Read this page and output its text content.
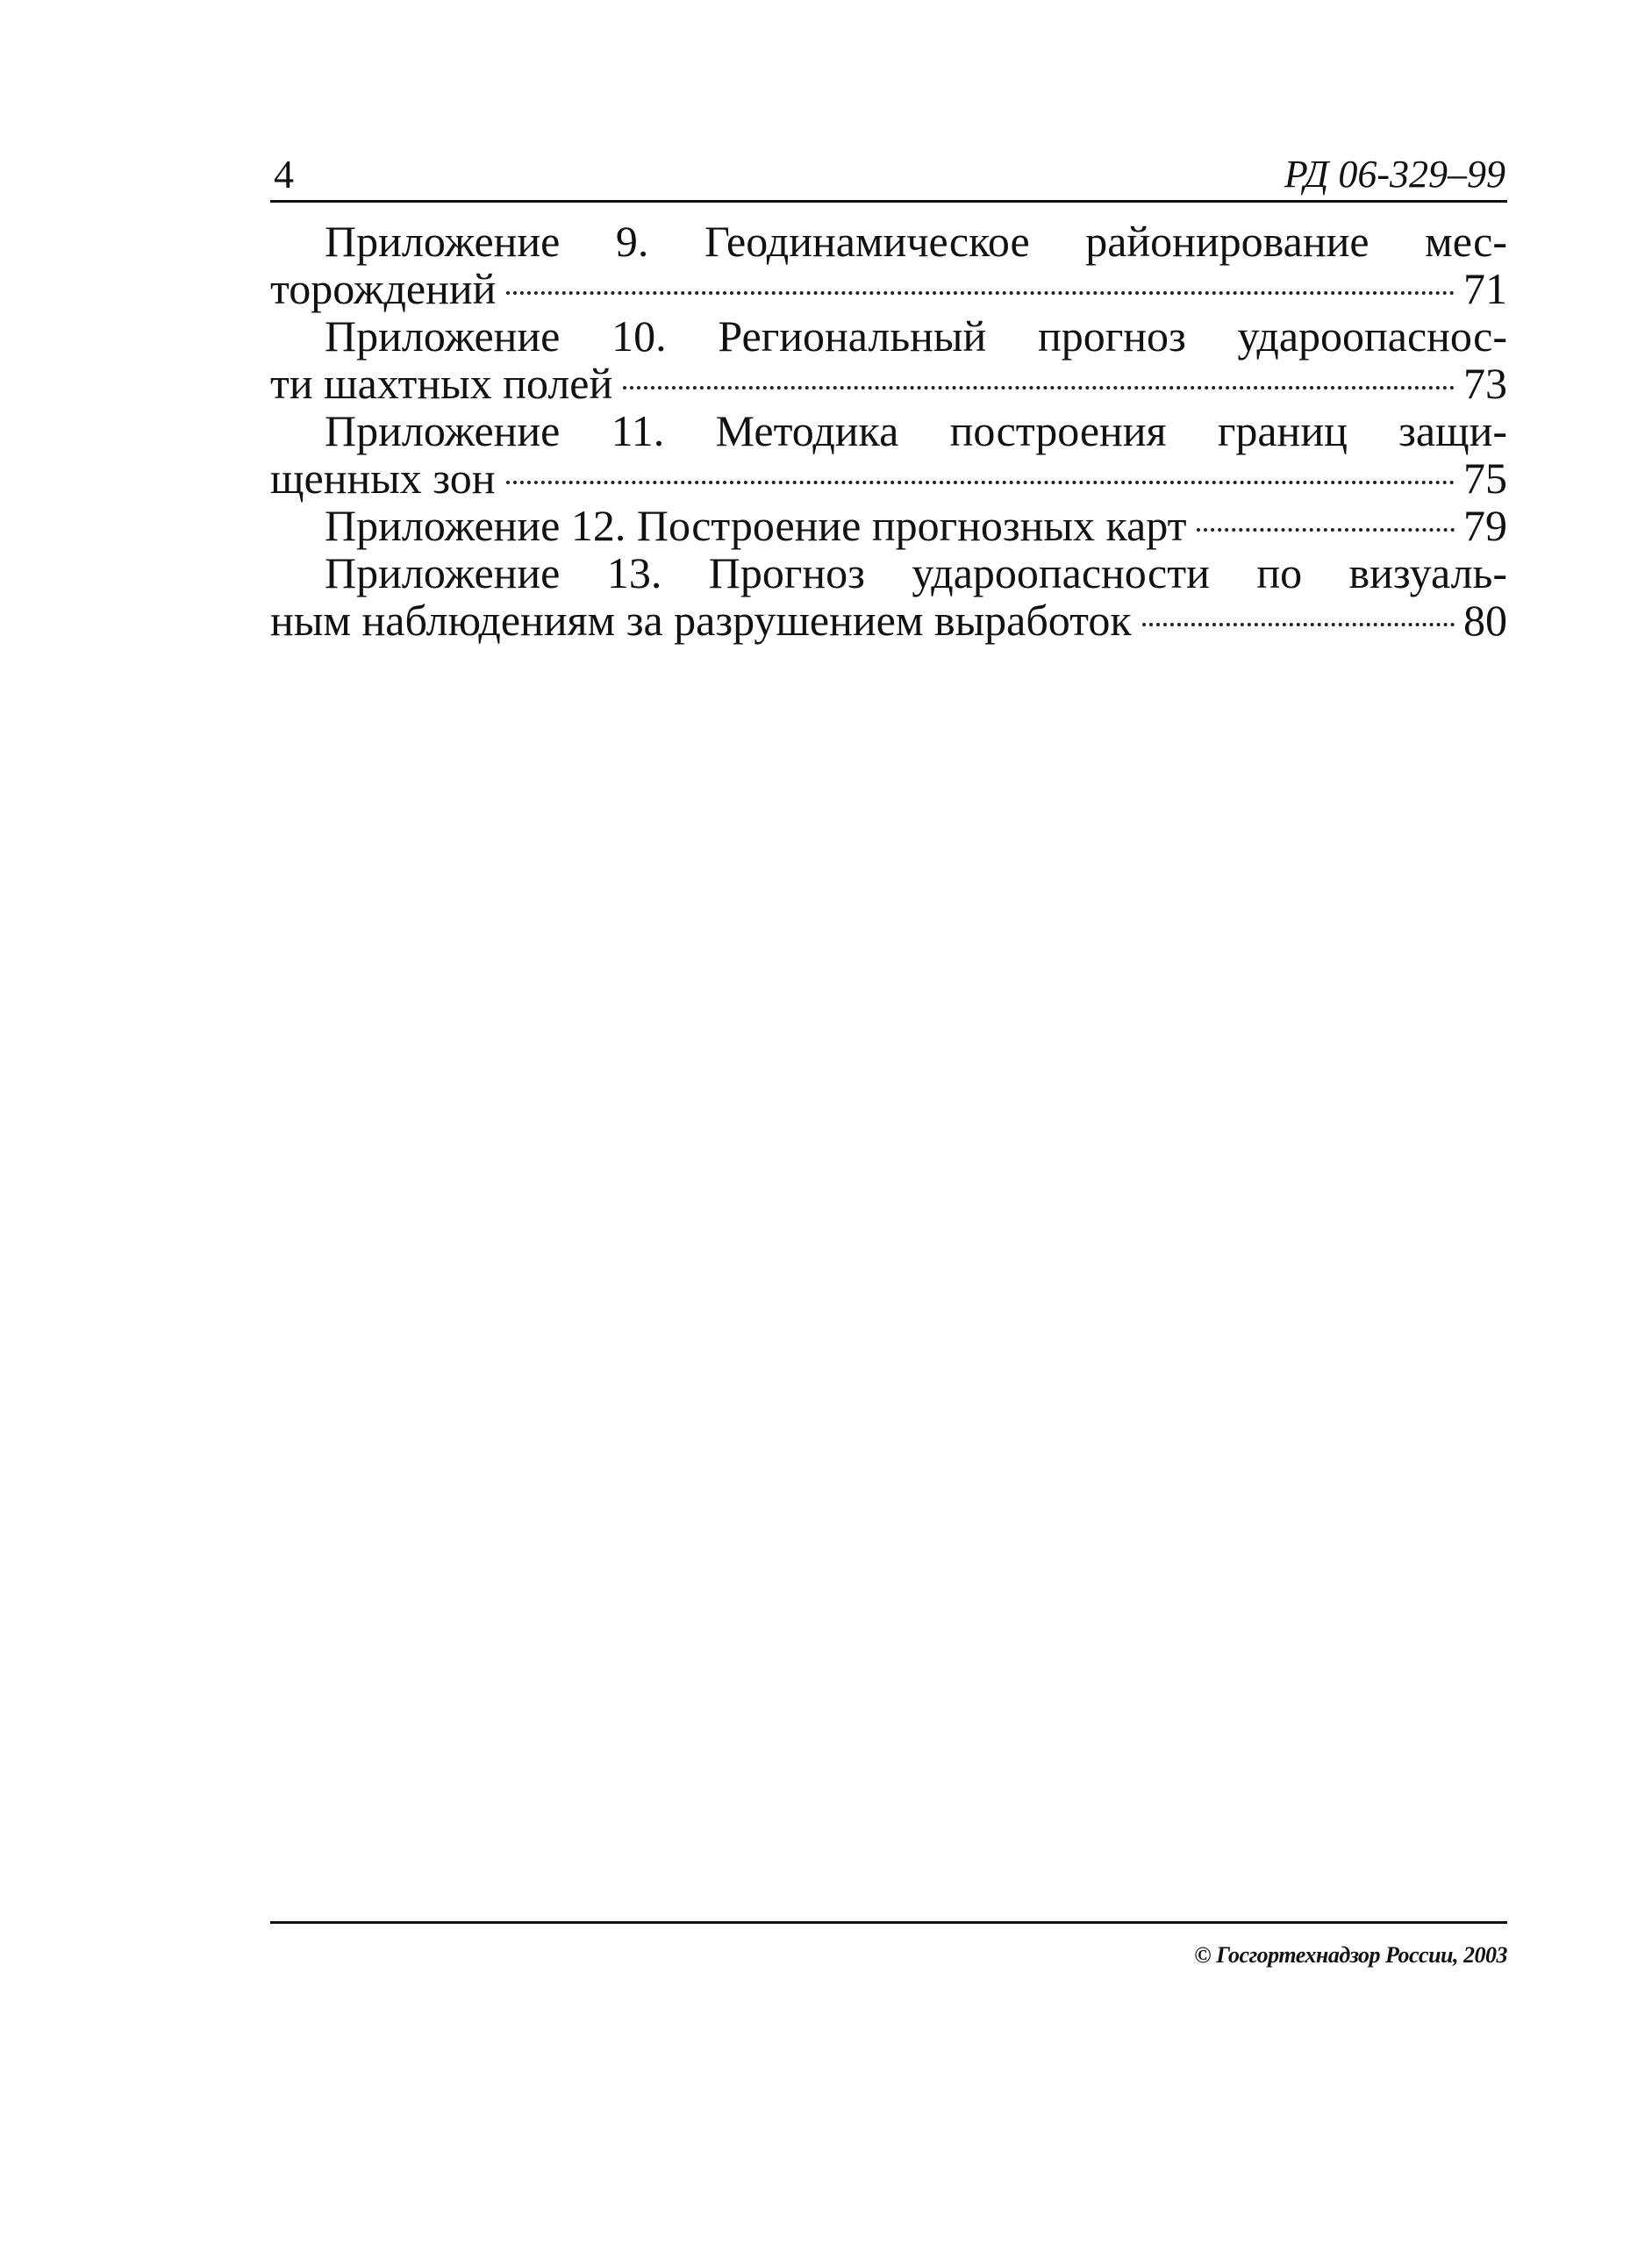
4	РД 06-329–99
Приложение 9. Геодинамическое районирование мес-
торождений	71
Приложение 10. Региональный прогноз удароопаснос-
ти шахтных полей	73
Приложение 11. Методика построения границ защи-
щенных зон	75
Приложение 12. Построение прогнозных карт	79
Приложение 13. Прогноз удароопасности по визуаль-
ным наблюдениям за разрушением выработок	80
© Госгортехнадзор России, 2003
